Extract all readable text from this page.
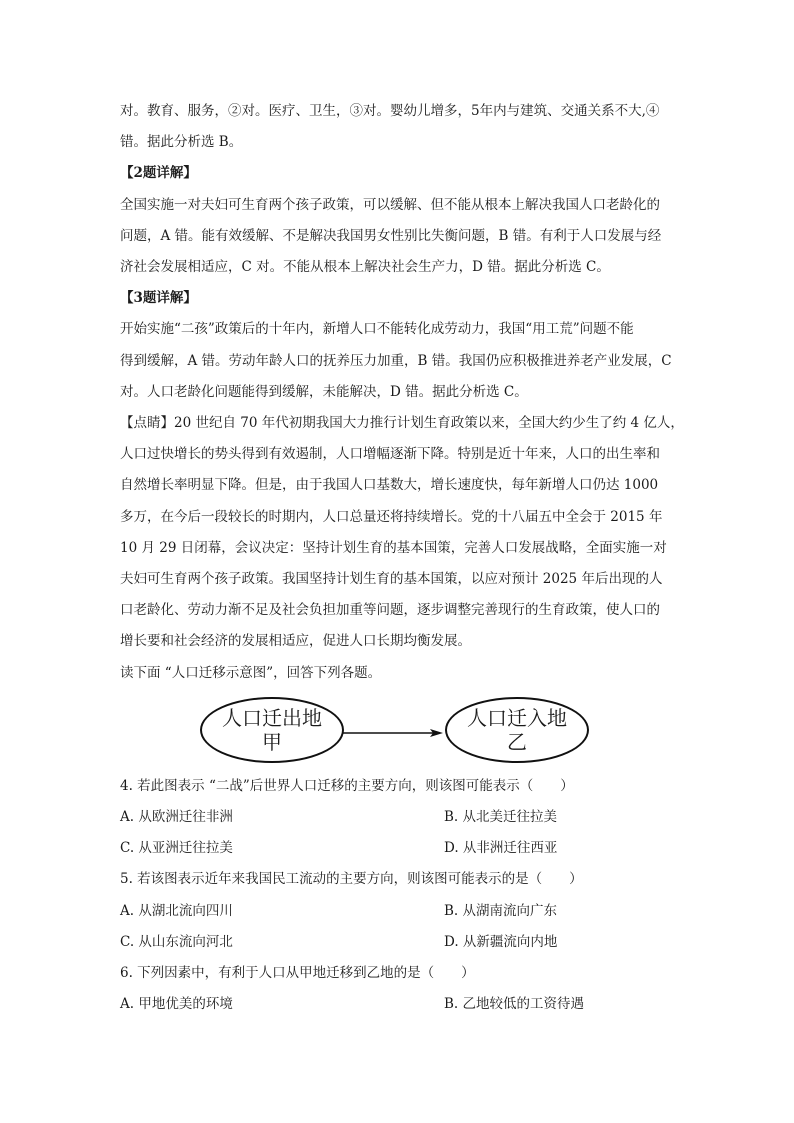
对。教育、服务，②对。医疗、卫生，③对。婴幼儿增多，5年内与建筑、交通关系不大,④
错。据此分析选 B。
【2题详解】
全国实施一对夫妇可生育两个孩子政策，可以缓解、但不能从根本上解决我国人口老龄化的
问题，A 错。能有效缓解、不是解决我国男女性别比失衡问题，B 错。有利于人口发展与经
济社会发展相适应，C 对。不能从根本上解决社会生产力，D 错。据此分析选 C。
【3题详解】
开始实施“二孩”政策后的十年内，新增人口不能转化成劳动力，我国“用工荒”问题不能
得到缓解，A 错。劳动年龄人口的抚养压力加重，B 错。我国仍应积极推进养老产业发展，C
对。人口老龄化问题能得到缓解，未能解决，D 错。据此分析选 C。
【点睛】20 世纪自 70 年代初期我国大力推行计划生育政策以来，全国大约少生了约 4 亿人，
人口过快增长的势头得到有效遏制，人口增幅逐渐下降。特别是近十年来，人口的出生率和
自然增长率明显下降。但是，由于我国人口基数大，增长速度快，每年新增人口仍达 1000
多万，在今后一段较长的时期内，人口总量还将持续增长。党的十八届五中全会于 2015 年
10 月 29 日闭幕，会议决定：坚持计划生育的基本国策，完善人口发展战略，全面实施一对
夫妇可生育两个孩子政策。我国坚持计划生育的基本国策，以应对预计 2025 年后出现的人
口老龄化、劳动力渐不足及社会负担加重等问题，逐步调整完善现行的生育政策，使人口的
增长要和社会经济的发展相适应，促进人口长期均衡发展。
读下面 “人口迁移示意图”，回答下列各题。
人口迁出地
甲
人口迁入地
乙
4. 若此图表示 “二战”后世界人口迁移的主要方向，则该图可能表示（　　）
A. 从欧洲迁往非洲	B. 从北美迁往拉美
C. 从亚洲迁往拉美	D. 从非洲迁往西亚
5. 若该图表示近年来我国民工流动的主要方向，则该图可能表示的是（　　）
A. 从湖北流向四川	B. 从湖南流向广东
C. 从山东流向河北	D. 从新疆流向内地
6. 下列因素中，有利于人口从甲地迁移到乙地的是（　　）
A. 甲地优美的环境	B. 乙地较低的工资待遇
